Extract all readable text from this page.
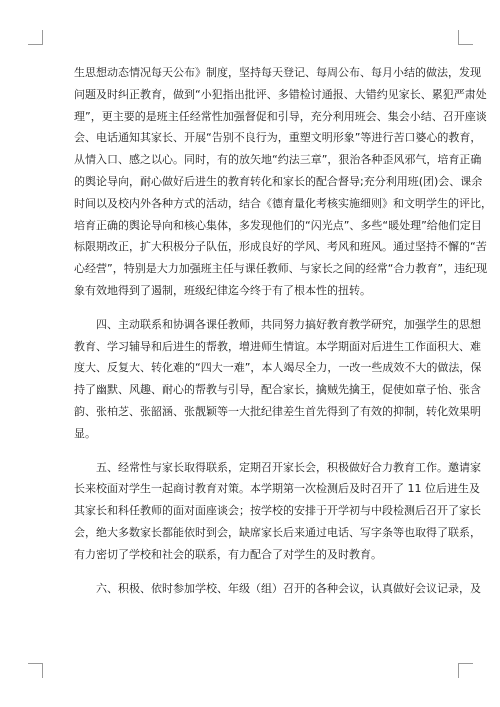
生思想动态情况每天公布》制度，坚持每天登记、每周公布、每月小结的做法，发现
问题及时纠正教育，做到“小犯指出批评、多错检讨通报、大错约见家长、累犯严肃处
理”，更主要的是班主任经常性加强督促和引导，充分利用班会、集会小结、召开座谈
会、电话通知其家长、开展“告别不良行为，重塑文明形象”等进行苦口婆心的教育，
从情入口、感之以心。同时，有的放矢地“约法三章”，狠治各种歪风邪气，培育正确
的舆论导向，耐心做好后进生的教育转化和家长的配合督导;充分利用班(团)会、课余
时间以及校内外各种方式的活动，结合《德育量化考核实施细则》和文明学生的评比，
培育正确的舆论导向和核心集体，多发现他们的“闪光点”、多些“暖处理”给他们定目
标限期改正，扩大积极分子队伍，形成良好的学风、考风和班风。通过坚持不懈的“苦
心经营”，特别是大力加强班主任与课任教师、与家长之间的经常“合力教育”，违纪现
象有效地得到了遏制，班级纪律迄今终于有了根本性的扭转。

四、主动联系和协调各课任教师，共同努力搞好教育教学研究，加强学生的思想
教育、学习辅导和后进生的帮教，增进师生情谊。本学期面对后进生工作面积大、难
度大、反复大、转化难的“四大一难”，本人竭尽全力，一改一些成效不大的做法，保
持了幽默、风趣、耐心的帮教与引导，配合家长，擒贼先擒王，促使如章子怡、张含
韵、张柏芝、张韶涵、张靓颖等一大批纪律差生首先得到了有效的抑制，转化效果明
显。

五、经常性与家长取得联系，定期召开家长会，积极做好合力教育工作。邀请家
长来校面对学生一起商讨教育对策。本学期第一次检测后及时召开了 11 位后进生及
其家长和科任教师的面对面座谈会；按学校的安排于开学初与中段检测后召开了家长
会，绝大多数家长都能依时到会，缺席家长后来通过电话、写字条等也取得了联系，
有力密切了学校和社会的联系，有力配合了对学生的及时教育。

六、积极、依时参加学校、年级（组）召开的各种会议，认真做好会议记录，及
